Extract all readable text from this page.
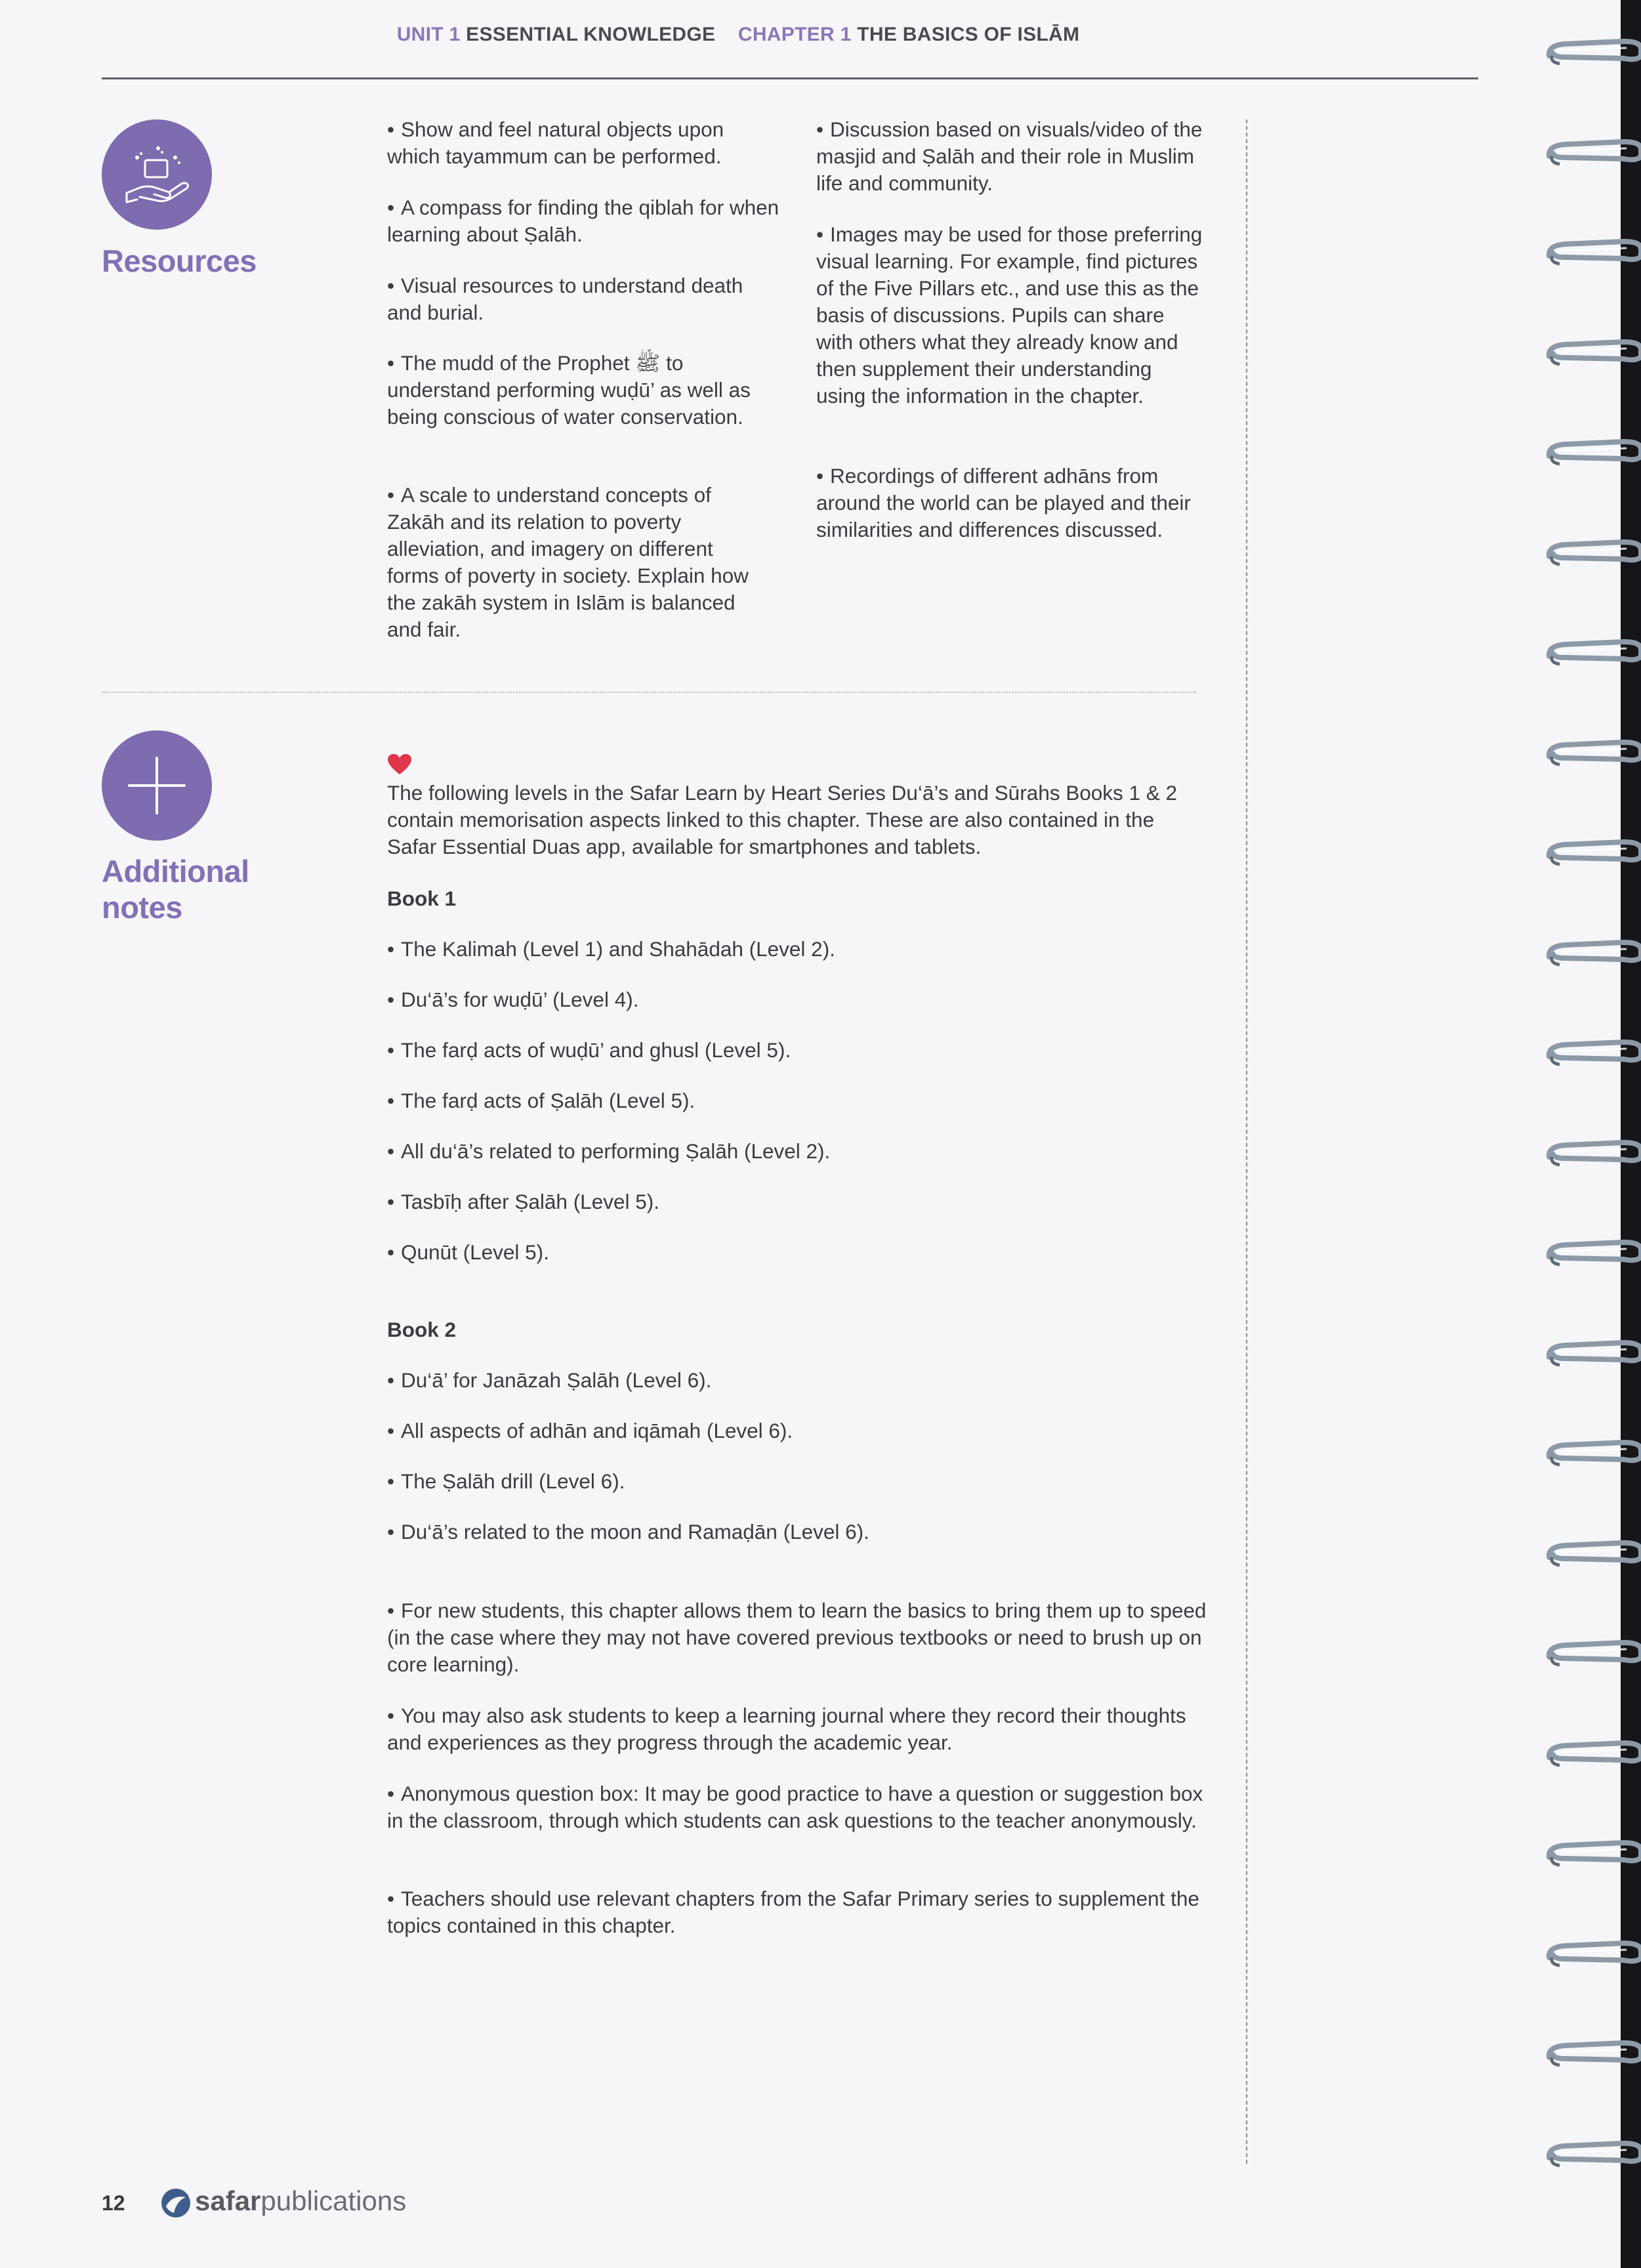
UNIT 1 ESSENTIAL KNOWLEDGE CHAPTER 1 THE BASICS OF ISLĀM
Resources
• Show and feel natural objects upon which tayammum can be performed.
• A compass for finding the qiblah for when learning about Ṣalāh.
• Visual resources to understand death and burial.
• The mudd of the Prophet ﷺ to understand performing wuḍū’ as well as being conscious of water conservation.
• A scale to understand concepts of Zakāh and its relation to poverty alleviation, and imagery on different forms of poverty in society. Explain how the zakāh system in Islām is balanced and fair.
• Discussion based on visuals/video of the masjid and Ṣalāh and their role in Muslim life and community.
• Images may be used for those preferring visual learning. For example, find pictures of the Five Pillars etc., and use this as the basis of discussions. Pupils can share with others what they already know and then supplement their understanding using the information in the chapter.
• Recordings of different adhāns from around the world can be played and their similarities and differences discussed.
Additional
notes
The following levels in the Safar Learn by Heart Series Du‘ā’s and Sūrahs Books 1 & 2 contain memorisation aspects linked to this chapter. These are also contained in the Safar Essential Duas app, available for smartphones and tablets.
Book 1
• The Kalimah (Level 1) and Shahādah (Level 2).
• Du‘ā’s for wuḍū’ (Level 4).
• The farḍ acts of wuḍū’ and ghusl (Level 5).
• The farḍ acts of Ṣalāh (Level 5).
• All du‘ā’s related to performing Ṣalāh (Level 2).
• Tasbīḥ after Ṣalāh (Level 5).
• Qunūt (Level 5).
Book 2
• Du‘ā’ for Janāzah Ṣalāh (Level 6).
• All aspects of adhān and iqāmah (Level 6).
• The Ṣalāh drill (Level 6).
• Du‘ā’s related to the moon and Ramaḍān (Level 6).
• For new students, this chapter allows them to learn the basics to bring them up to speed (in the case where they may not have covered previous textbooks or need to brush up on core learning).
• You may also ask students to keep a learning journal where they record their thoughts and experiences as they progress through the academic year.
• Anonymous question box: It may be good practice to have a question or suggestion box in the classroom, through which students can ask questions to the teacher anonymously.
• Teachers should use relevant chapters from the Safar Primary series to supplement the topics contained in this chapter.
12	safarpublications
